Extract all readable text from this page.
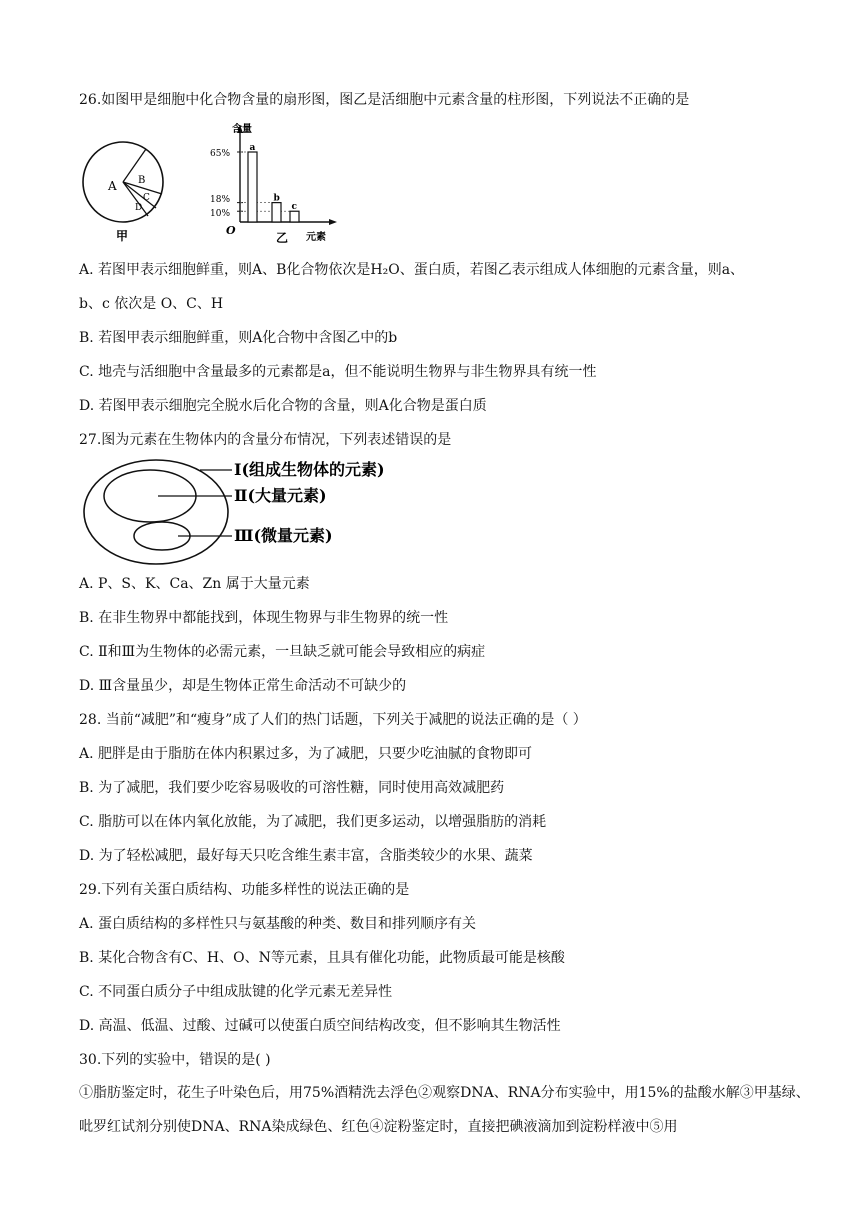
26.如图甲是细胞中化合物含量的扇形图，图乙是活细胞中元素含量的柱形图，下列说法不正确的是
A B
C
D
甲
含量
元素
O
乙
65%
18%
10%
a
b
c
A. 若图甲表示细胞鲜重，则A、B化合物依次是H₂O、蛋白质，若图乙表示组成人体细胞的元素含量，则a、
b、c 依次是 O、C、H
B. 若图甲表示细胞鲜重，则A化合物中含图乙中的b
C. 地壳与活细胞中含量最多的元素都是a，但不能说明生物界与非生物界具有统一性
D. 若图甲表示细胞完全脱水后化合物的含量，则A化合物是蛋白质
27.图为元素在生物体内的含量分布情况，下列表述错误的是
Ⅰ(组成生物体的元素)
Ⅱ(大量元素)
Ⅲ(微量元素)
A. P、S、K、Ca、Zn 属于大量元素
B. 在非生物界中都能找到，体现生物界与非生物界的统一性
C. Ⅱ和Ⅲ为生物体的必需元素，一旦缺乏就可能会导致相应的病症
D. Ⅲ含量虽少，却是生物体正常生命活动不可缺少的
28. 当前“减肥”和“瘦身”成了人们的热门话题，下列关于减肥的说法正确的是（ ）
A. 肥胖是由于脂肪在体内积累过多，为了减肥，只要少吃油腻的食物即可
B. 为了减肥，我们要少吃容易吸收的可溶性糖，同时使用高效减肥药
C. 脂肪可以在体内氧化放能，为了减肥，我们更多运动，以增强脂肪的消耗
D. 为了轻松减肥，最好每天只吃含维生素丰富，含脂类较少的水果、蔬菜
29.下列有关蛋白质结构、功能多样性的说法正确的是
A. 蛋白质结构的多样性只与氨基酸的种类、数目和排列顺序有关
B. 某化合物含有C、H、O、N等元素，且具有催化功能，此物质最可能是核酸
C. 不同蛋白质分子中组成肽键的化学元素无差异性
D. 高温、低温、过酸、过碱可以使蛋白质空间结构改变，但不影响其生物活性
30.下列的实验中，错误的是( )
①脂肪鉴定时，花生子叶染色后，用75%酒精洗去浮色②观察DNA、RNA分布实验中，用15%的盐酸水解③甲基绿、吡罗红试剂分别使DNA、RNA染成绿色、红色④淀粉鉴定时，直接把碘液滴加到淀粉样液中⑤用
